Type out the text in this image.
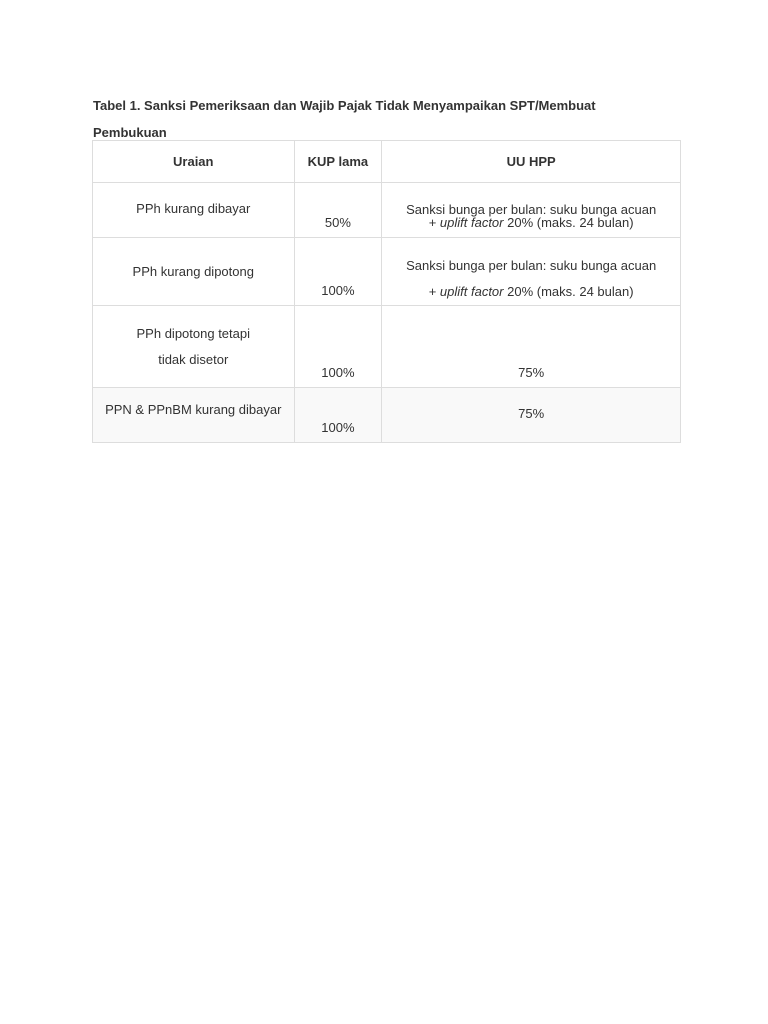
Tabel 1. Sanksi Pemeriksaan dan Wajib Pajak Tidak Menyampaikan SPT/Membuat
Pembukuan
Uraian	KUP lama	UU HPP

PPh kurang dibayar	50%	Sanksi bunga per bulan: suku bunga acuan
+ uplift factor 20% (maks. 24 bulan)

PPh kurang dipotong	100%	Sanksi bunga per bulan: suku bunga acuan
+ uplift factor 20% (maks. 24 bulan)

PPh dipotong tetapi tidak disetor	100%	75%

PPN & PPnBM kurang dibayar	100%	75%
